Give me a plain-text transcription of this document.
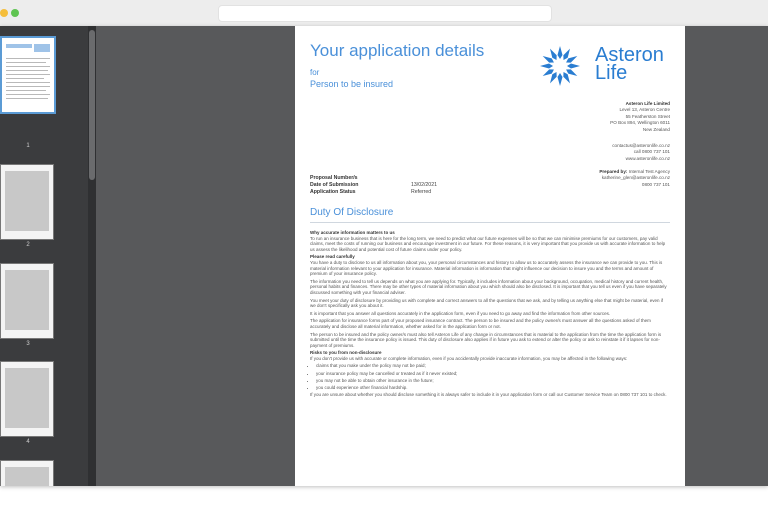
1
2
3
4
Your application details
for
Person to be insured
Asteron
Life
Asteron Life Limited
Level 13, Asteron Centre
55 Featherston Street
PO Box 894, Wellington 6011
New Zealand
contactus@asteronlife.co.nz
call 0800 737 101
www.asteronlife.co.nz
Prepared by: Internal Test Agency
katherine_glen@asteronlife.co.nz
0800 737 101
Proposal Number/s
Date of Submission	13/02/2021
Application Status	Referred
Duty Of Disclosure
Why accurate information matters to us

To run an insurance business that is here for the long term, we need to predict what our future expenses will be so that we can minimise premiums for our customers, pay valid claims, meet the costs of running our business and encourage investment in our future. For these reasons, it is very important that you provide us with accurate information to help us assess the likelihood and potential cost of future claims under your policy.

Please read carefully

You have a duty to disclose to us all information about you, your personal circumstances and history to allow us to accurately assess the insurance we can provide to you. This is material information relevant to your application for insurance. Material information is information that might influence our decision to insure you and the terms and amount of premium of your insurance policy.

The information you need to tell us depends on what you are applying for. Typically, it includes information about your background, occupation, medical history and current health, personal habits and finances. There may be other types of material information about you which should also be disclosed. It is important that you tell us even if you have separately discussed something with your financial adviser.

You meet your duty of disclosure by providing us with complete and correct answers to all the questions that we ask, and by telling us anything else that might be material, even if we don't specifically ask you about it.

It is important that you answer all questions accurately in the application form, even if you need to go away and find the information from other sources.

The application for insurance forms part of your proposed insurance contract. The person to be insured and the policy owner/s must answer all the questions asked of them accurately and disclose all material information, whether asked for in the application form or not.

The person to be insured and the policy owner/s must also tell Asteron Life of any change in circumstances that is material to the application from the time the application form is submitted until the time the insurance policy is issued. This duty of disclosure also applies if in future you ask to extend or alter the policy or ask to reinstate it if it lapses for non-payment of premiums.

Risks to you from non-disclosure

If you don't provide us with accurate or complete information, even if you accidentally provide inaccurate information, you may be affected in the following ways:

• claims that you make under the policy may not be paid;
• your insurance policy may be cancelled or treated as if it never existed;
• you may not be able to obtain other insurance in the future;
• you could experience other financial hardship.

If you are unsure about whether you should disclose something it is always safer to include it in your application form or call our Customer Service Team on 0800 737 101 to check.
